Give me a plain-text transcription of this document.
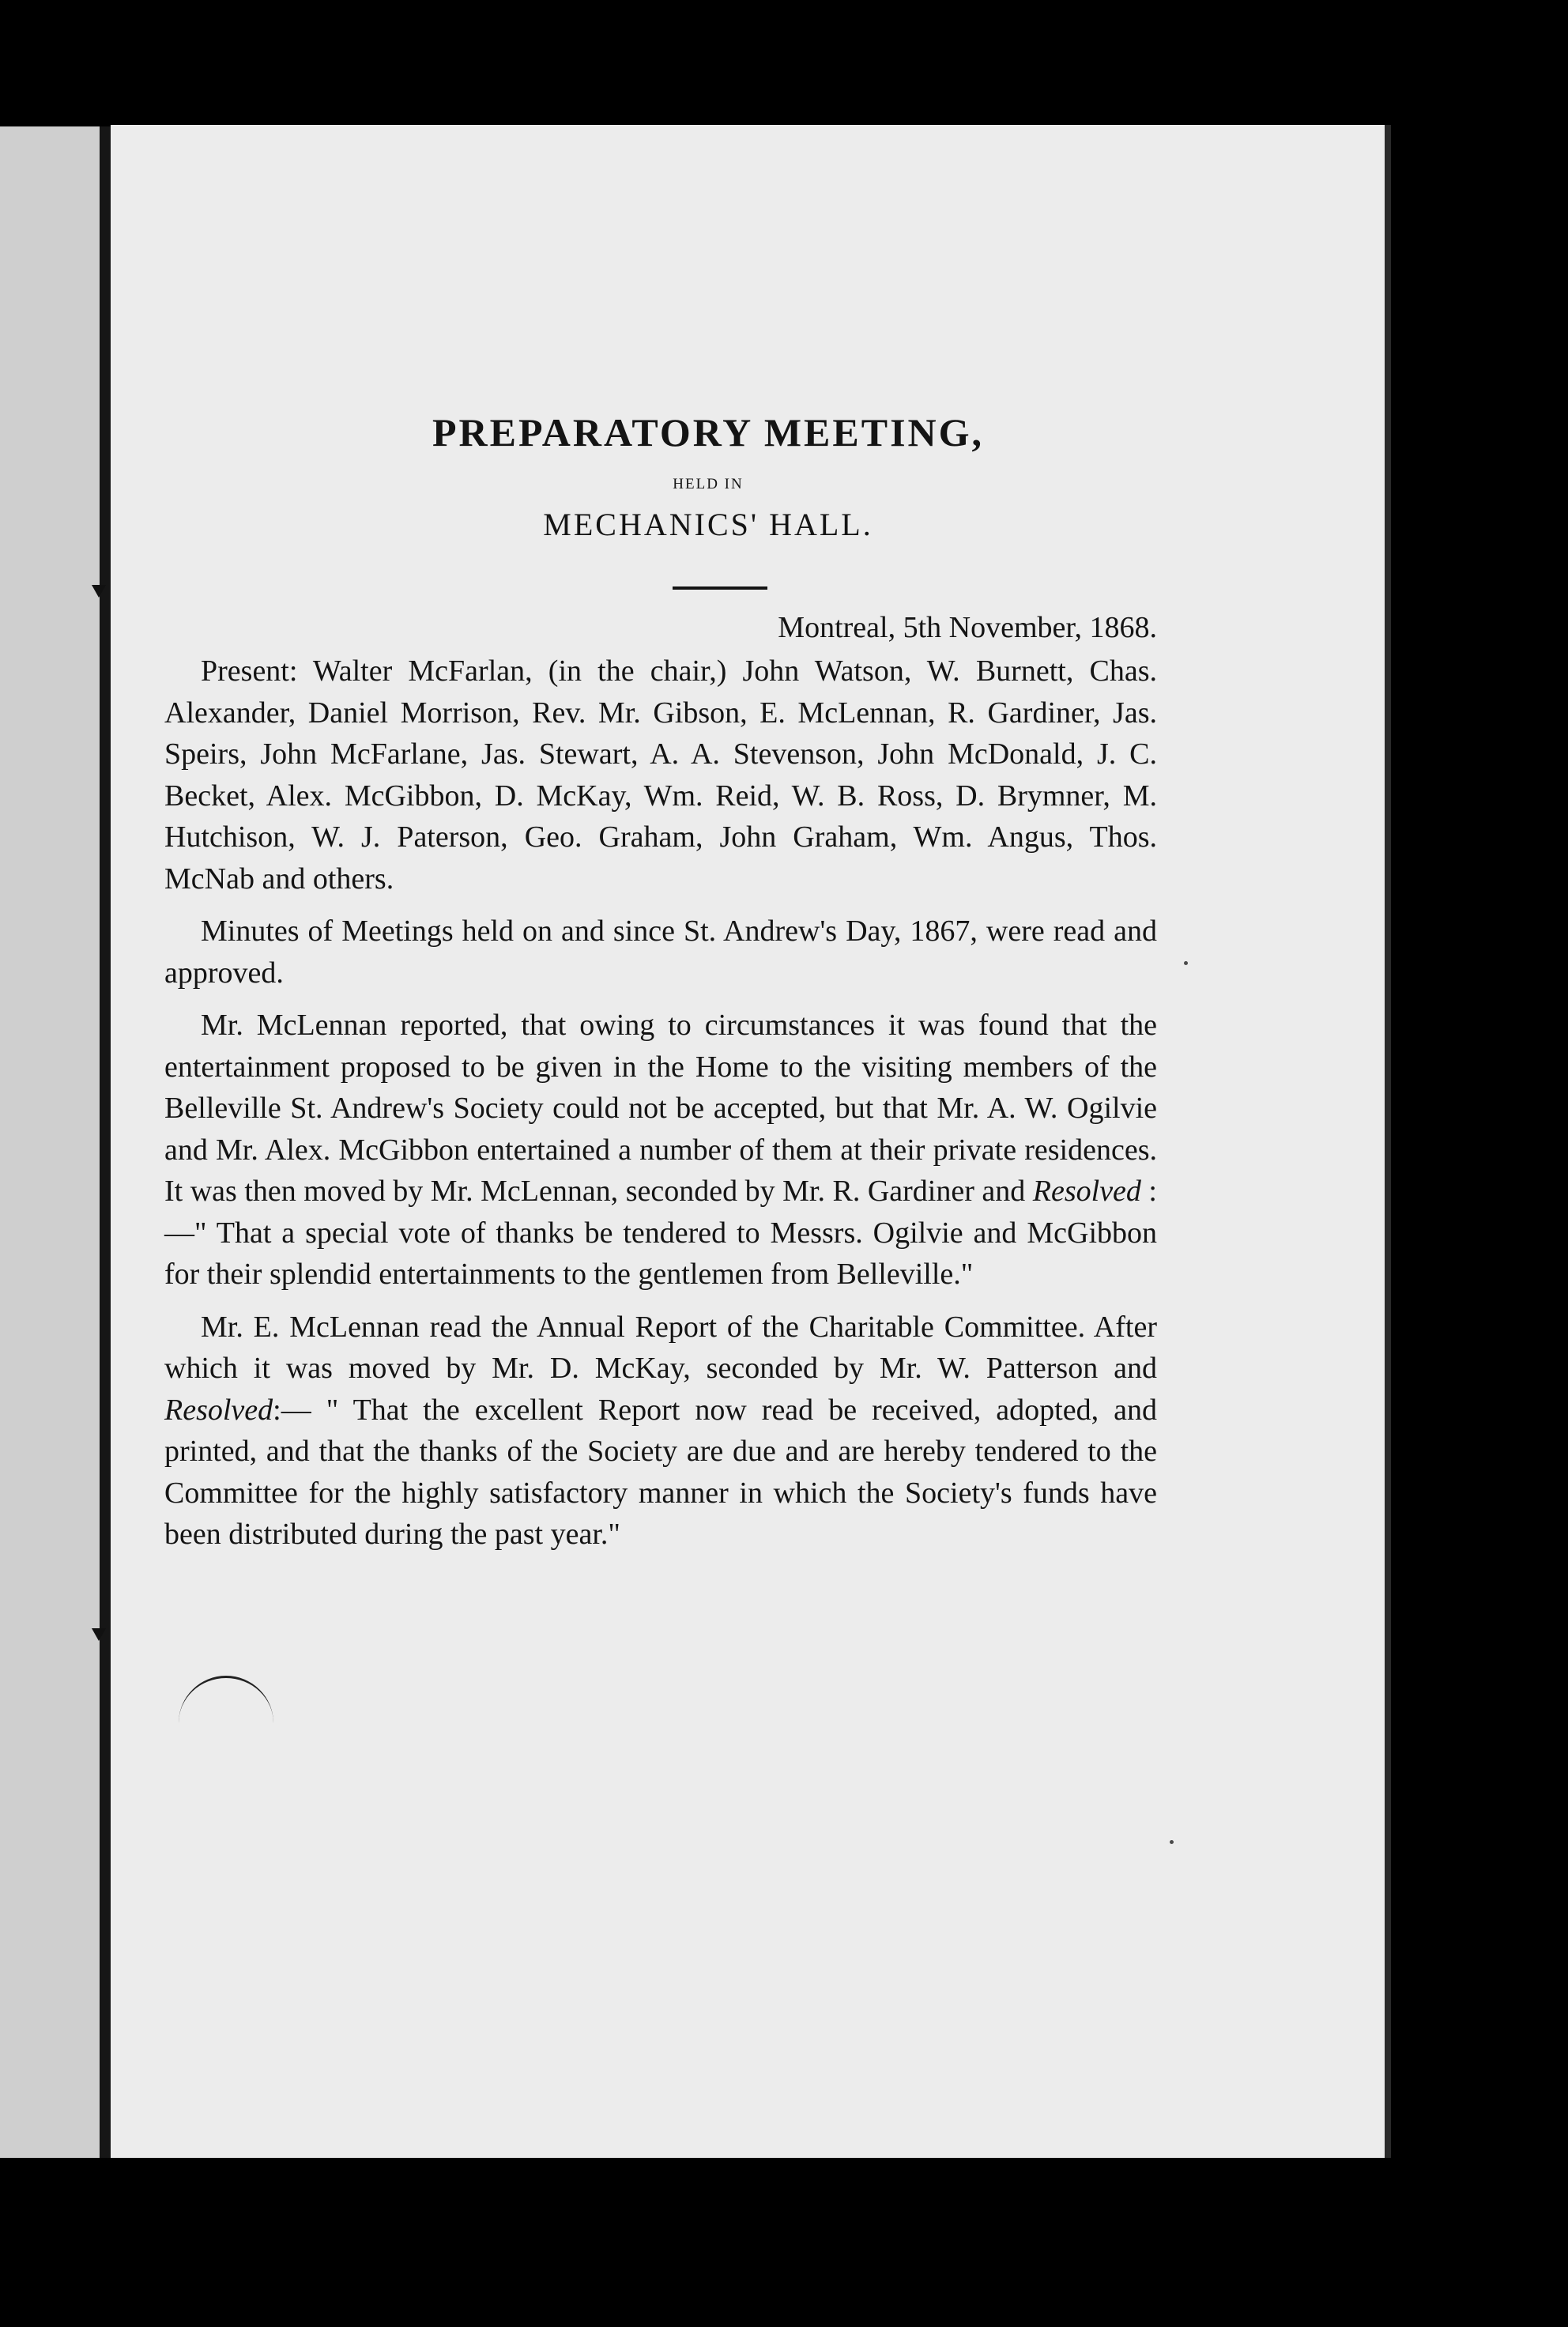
PREPARATORY MEETING,
HELD IN
MECHANICS' HALL.
Montreal, 5th November, 1868.

Present: Walter McFarlan, (in the chair,) John Watson, W. Burnett, Chas. Alexander, Daniel Morrison, Rev. Mr. Gibson, E. McLennan, R. Gardiner, Jas. Speirs, John McFarlane, Jas. Stewart, A. A. Stevenson, John McDonald, J. C. Becket, Alex. McGibbon, D. McKay, Wm. Reid, W. B. Ross, D. Brymner, M. Hutchison, W. J. Paterson, Geo. Graham, John Graham, Wm. Angus, Thos. McNab and others.

Minutes of Meetings held on and since St. Andrew's Day, 1867, were read and approved.

Mr. McLennan reported, that owing to circumstances it was found that the entertainment proposed to be given in the Home to the visiting members of the Belleville St. Andrew's Society could not be accepted, but that Mr. A. W. Ogilvie and Mr. Alex. McGibbon entertained a number of them at their private residences. It was then moved by Mr. McLennan, seconded by Mr. R. Gardiner and Resolved :—" That a special vote of thanks be tendered to Messrs. Ogilvie and McGibbon for their splendid entertainments to the gentlemen from Belleville."

Mr. E. McLennan read the Annual Report of the Charitable Committee. After which it was moved by Mr. D. McKay, seconded by Mr. W. Patterson and Resolved:— " That the excellent Report now read be received, adopted, and printed, and that the thanks of the Society are due and are hereby tendered to the Committee for the highly satisfactory manner in which the Society's funds have been distributed during the past year."
